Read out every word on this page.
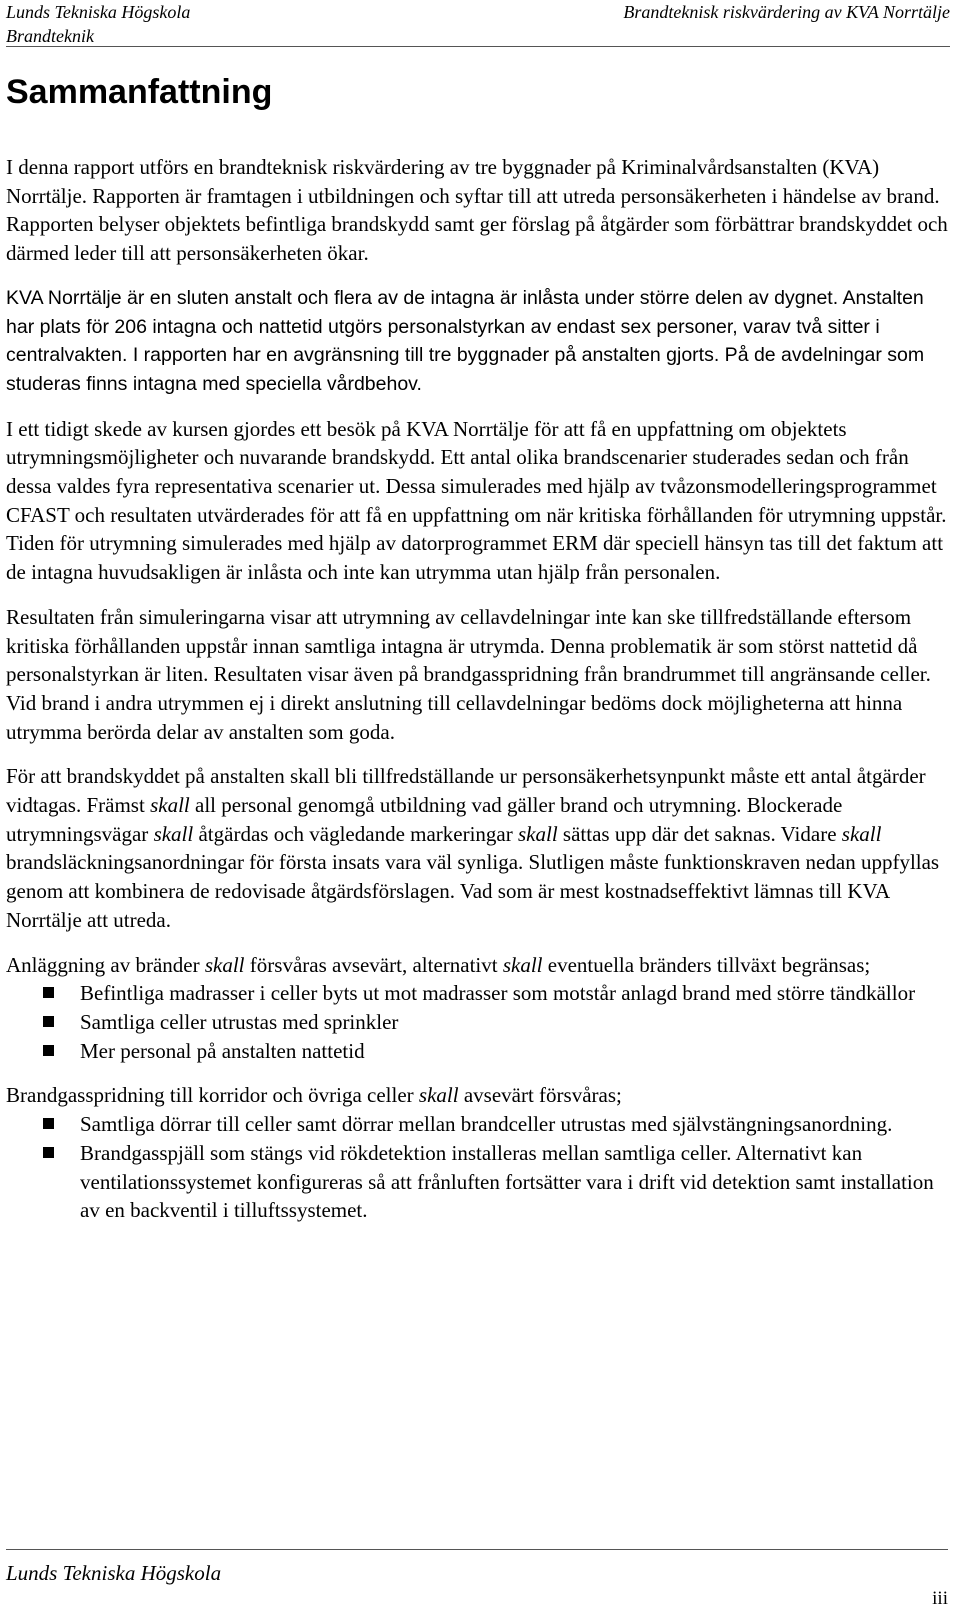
Lunds Tekniska Högskola
Brandteknik
Brandteknisk riskvärdering av KVA Norrtälje
Sammanfattning

I denna rapport utförs en brandteknisk riskvärdering av tre byggnader på Kriminalvårdsanstalten (KVA) Norrtälje. Rapporten är framtagen i utbildningen och syftar till att utreda personsäkerheten i händelse av brand. Rapporten belyser objektets befintliga brandskydd samt ger förslag på åtgärder som förbättrar brandskyddet och därmed leder till att personsäkerheten ökar.

KVA Norrtälje är en sluten anstalt och flera av de intagna är inlåsta under större delen av dygnet. Anstalten har plats för 206 intagna och nattetid utgörs personalstyrkan av endast sex personer, varav två sitter i centralvakten. I rapporten har en avgränsning till tre byggnader på anstalten gjorts. På de avdelningar som studeras finns intagna med speciella vårdbehov.

I ett tidigt skede av kursen gjordes ett besök på KVA Norrtälje för att få en uppfattning om objektets utrymningsmöjligheter och nuvarande brandskydd. Ett antal olika brandscenarier studerades sedan och från dessa valdes fyra representativa scenarier ut. Dessa simulerades med hjälp av tvåzonsmodelleringsprogrammet CFAST och resultaten utvärderades för att få en uppfattning om när kritiska förhållanden för utrymning uppstår. Tiden för utrymning simulerades med hjälp av datorprogrammet ERM där speciell hänsyn tas till det faktum att de intagna huvudsakligen är inlåsta och inte kan utrymma utan hjälp från personalen.

Resultaten från simuleringarna visar att utrymning av cellavdelningar inte kan ske tillfredställande eftersom kritiska förhållanden uppstår innan samtliga intagna är utrymda. Denna problematik är som störst nattetid då personalstyrkan är liten. Resultaten visar även på brandgasspridning från brandrummet till angränsande celler. Vid brand i andra utrymmen ej i direkt anslutning till cellavdelningar bedöms dock möjligheterna att hinna utrymma berörda delar av anstalten som goda.

För att brandskyddet på anstalten skall bli tillfredställande ur personsäkerhetsynpunkt måste ett antal åtgärder vidtagas. Främst skall all personal genomgå utbildning vad gäller brand och utrymning. Blockerade utrymningsvägar skall åtgärdas och vägledande markeringar skall sättas upp där det saknas. Vidare skall brandsläckningsanordningar för första insats vara väl synliga. Slutligen måste funktionskraven nedan uppfyllas genom att kombinera de redovisade åtgärdsförslagen. Vad som är mest kostnadseffektivt lämnas till KVA Norrtälje att utreda.

Anläggning av bränder skall försvåras avsevärt, alternativt skall eventuella bränders tillväxt begränsas;

Befintliga madrasser i celler byts ut mot madrasser som motstår anlagd brand med större tändkällor
Samtliga celler utrustas med sprinkler
Mer personal på anstalten nattetid

Brandgasspridning till korridor och övriga celler skall avsevärt försvåras;

Samtliga dörrar till celler samt dörrar mellan brandceller utrustas med självstängningsanordning.
Brandgasspjäll som stängs vid rökdetektion installeras mellan samtliga celler. Alternativt kan ventilationssystemet konfigureras så att frånluften fortsätter vara i drift vid detektion samt installation av en backventil i tilluftssystemet.
Lunds Tekniska Högskola
iii
